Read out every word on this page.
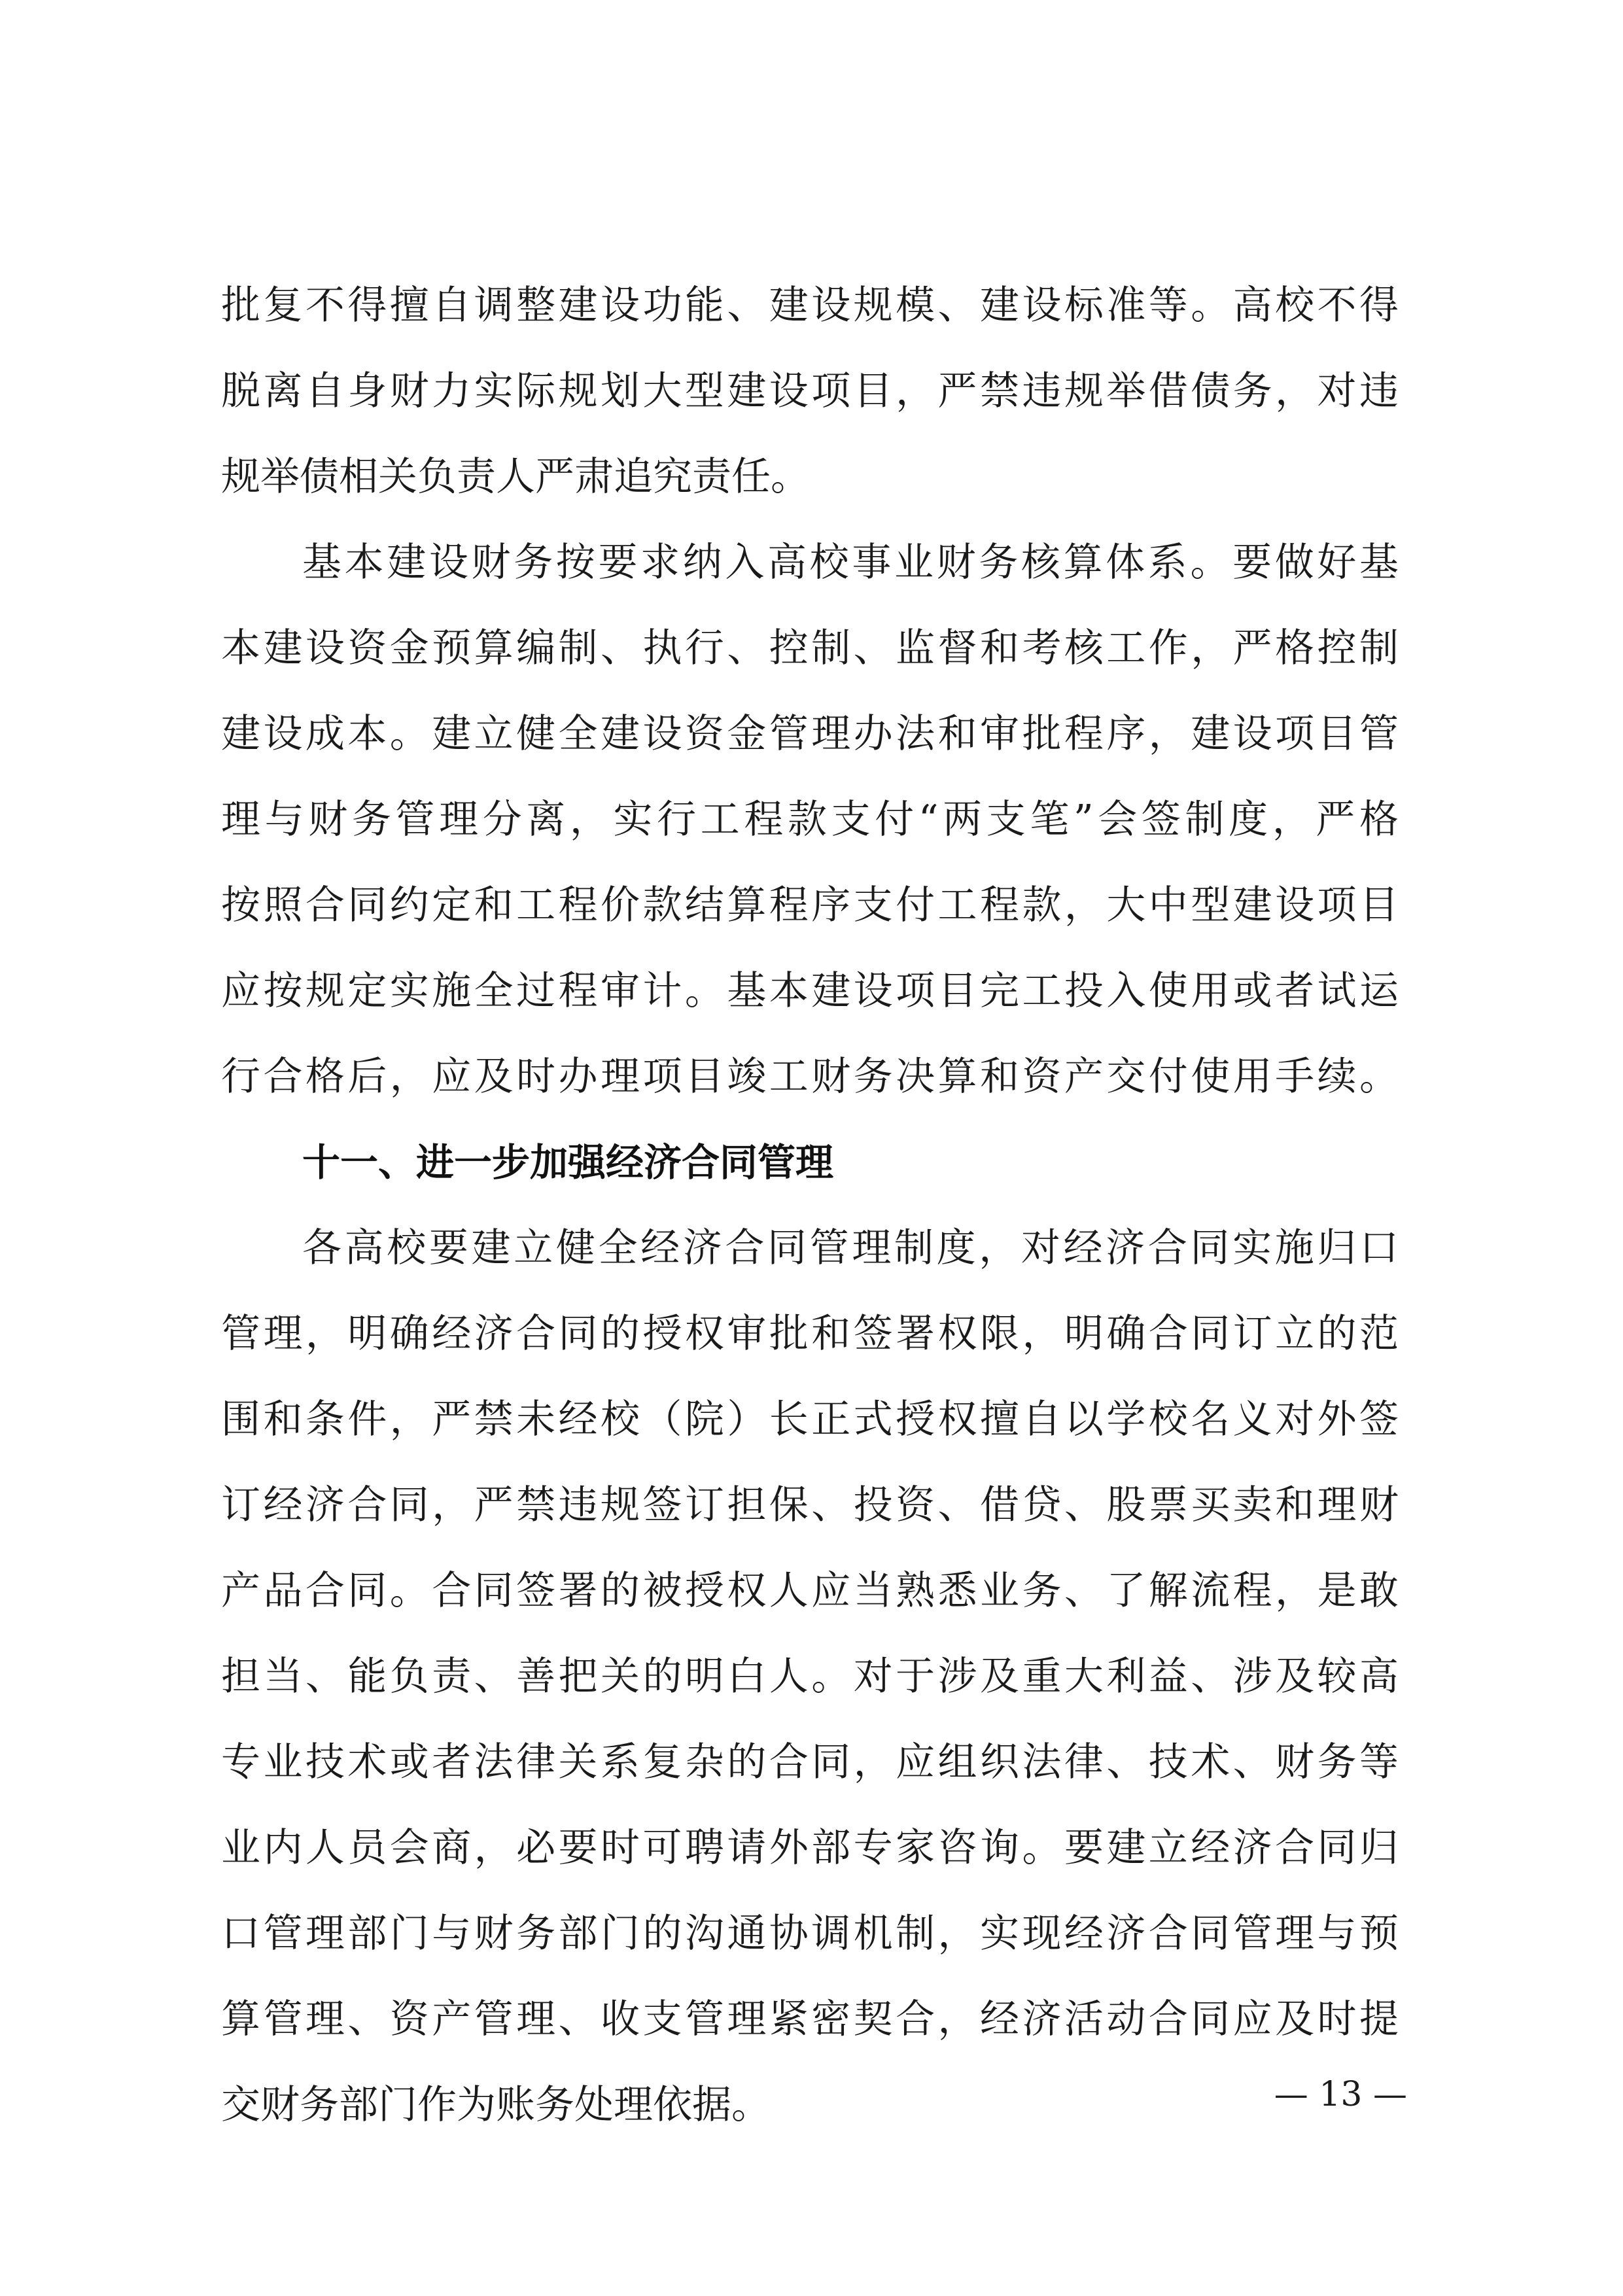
批复不得擅自调整建设功能、建设规模、建设标准等。高校不得
脱离自身财力实际规划大型建设项目，严禁违规举借债务，对违
规举债相关负责人严肃追究责任。
基本建设财务按要求纳入高校事业财务核算体系。要做好基
本建设资金预算编制、执行、控制、监督和考核工作，严格控制
建设成本。建立健全建设资金管理办法和审批程序，建设项目管
理与财务管理分离，实行工程款支付“两支笔”会签制度，严格
按照合同约定和工程价款结算程序支付工程款，大中型建设项目
应按规定实施全过程审计。基本建设项目完工投入使用或者试运
行合格后，应及时办理项目竣工财务决算和资产交付使用手续。
十一、进一步加强经济合同管理
各高校要建立健全经济合同管理制度，对经济合同实施归口
管理，明确经济合同的授权审批和签署权限，明确合同订立的范
围和条件，严禁未经校（院）长正式授权擅自以学校名义对外签
订经济合同，严禁违规签订担保、投资、借贷、股票买卖和理财
产品合同。合同签署的被授权人应当熟悉业务、了解流程，是敢
担当、能负责、善把关的明白人。对于涉及重大利益、涉及较高
专业技术或者法律关系复杂的合同，应组织法律、技术、财务等
业内人员会商，必要时可聘请外部专家咨询。要建立经济合同归
口管理部门与财务部门的沟通协调机制，实现经济合同管理与预
算管理、资产管理、收支管理紧密契合，经济活动合同应及时提
交财务部门作为账务处理依据。	— 13 —
